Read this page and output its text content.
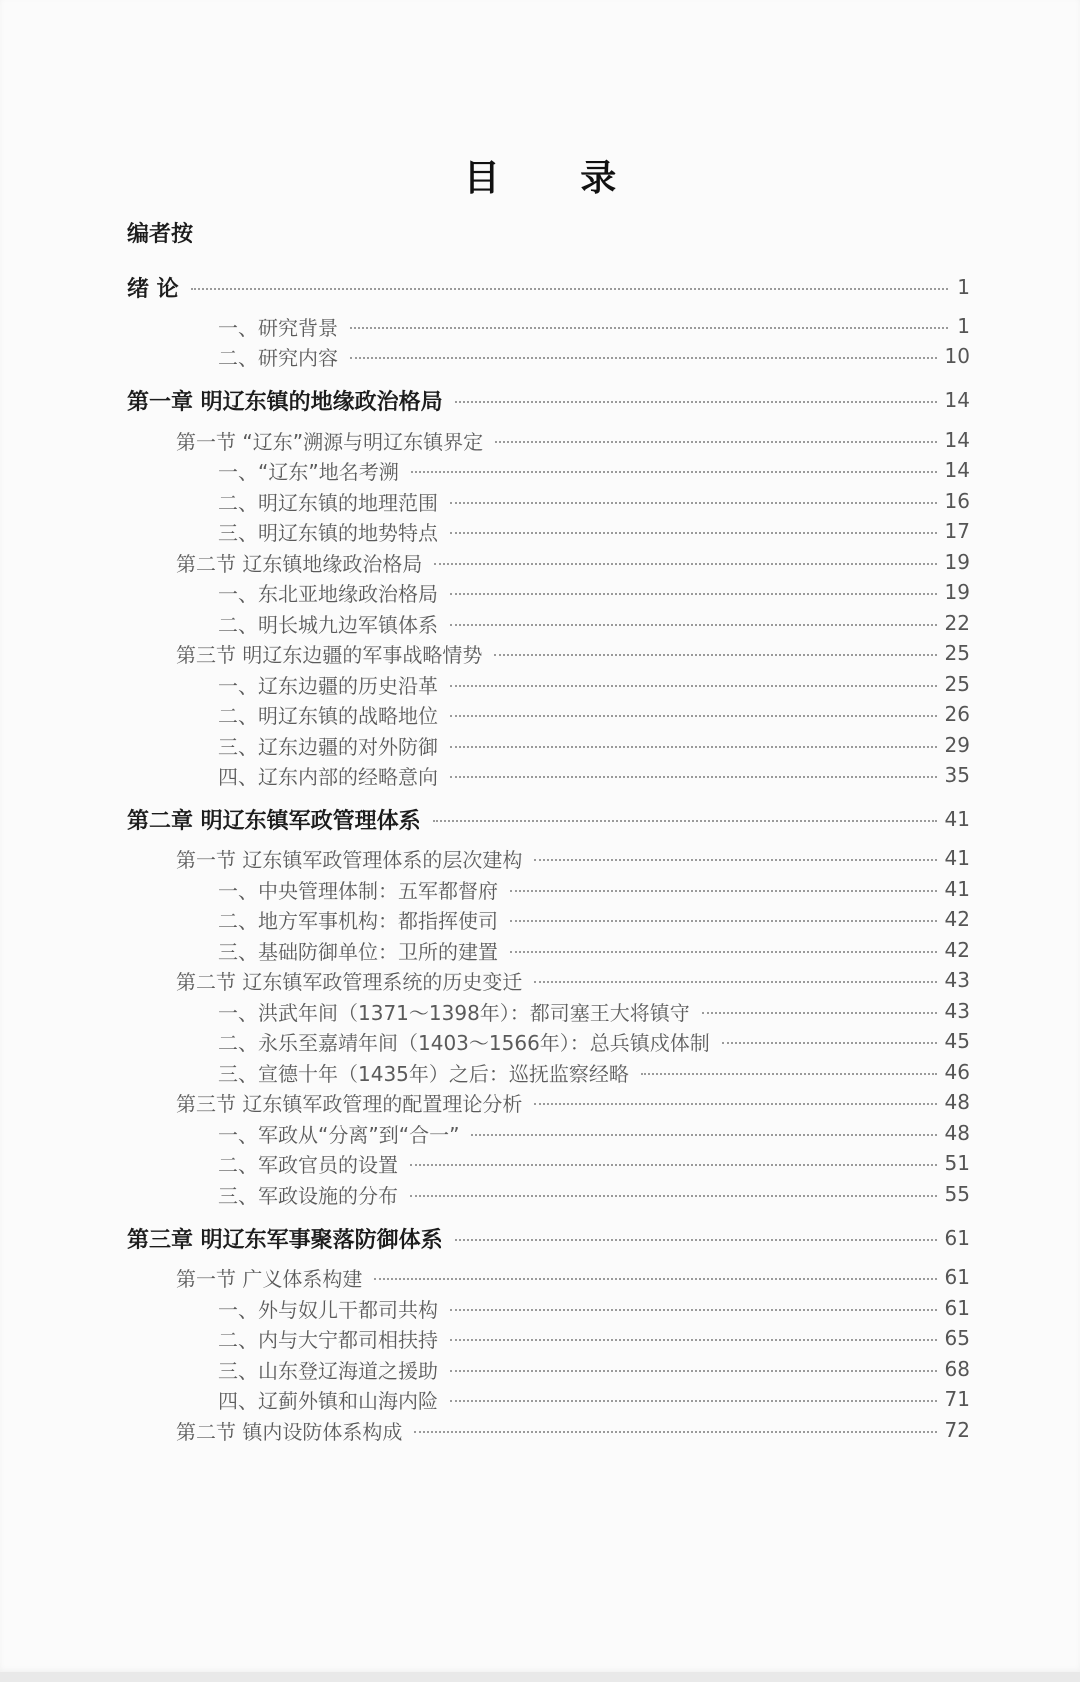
目 录
编者按
绪 论	1
一、研究背景	1
二、研究内容	10
第一章 明辽东镇的地缘政治格局	14
第一节 “辽东”溯源与明辽东镇界定	14
一、“辽东”地名考溯	14
二、明辽东镇的地理范围	16
三、明辽东镇的地势特点	17
第二节 辽东镇地缘政治格局	19
一、东北亚地缘政治格局	19
二、明长城九边军镇体系	22
第三节 明辽东边疆的军事战略情势	25
一、辽东边疆的历史沿革	25
二、明辽东镇的战略地位	26
三、辽东边疆的对外防御	29
四、辽东内部的经略意向	35
第二章 明辽东镇军政管理体系	41
第一节 辽东镇军政管理体系的层次建构	41
一、中央管理体制：五军都督府	41
二、地方军事机构：都指挥使司	42
三、基础防御单位：卫所的建置	42
第二节 辽东镇军政管理系统的历史变迁	43
一、洪武年间（1371～1398年）：都司塞王大将镇守	43
二、永乐至嘉靖年间（1403～1566年）：总兵镇戍体制	45
三、宣德十年（1435年）之后：巡抚监察经略	46
第三节 辽东镇军政管理的配置理论分析	48
一、军政从“分离”到“合一”	48
二、军政官员的设置	51
三、军政设施的分布	55
第三章 明辽东军事聚落防御体系	61
第一节 广义体系构建	61
一、外与奴儿干都司共构	61
二、内与大宁都司相扶持	65
三、山东登辽海道之援助	68
四、辽蓟外镇和山海内险	71
第二节 镇内设防体系构成	72
